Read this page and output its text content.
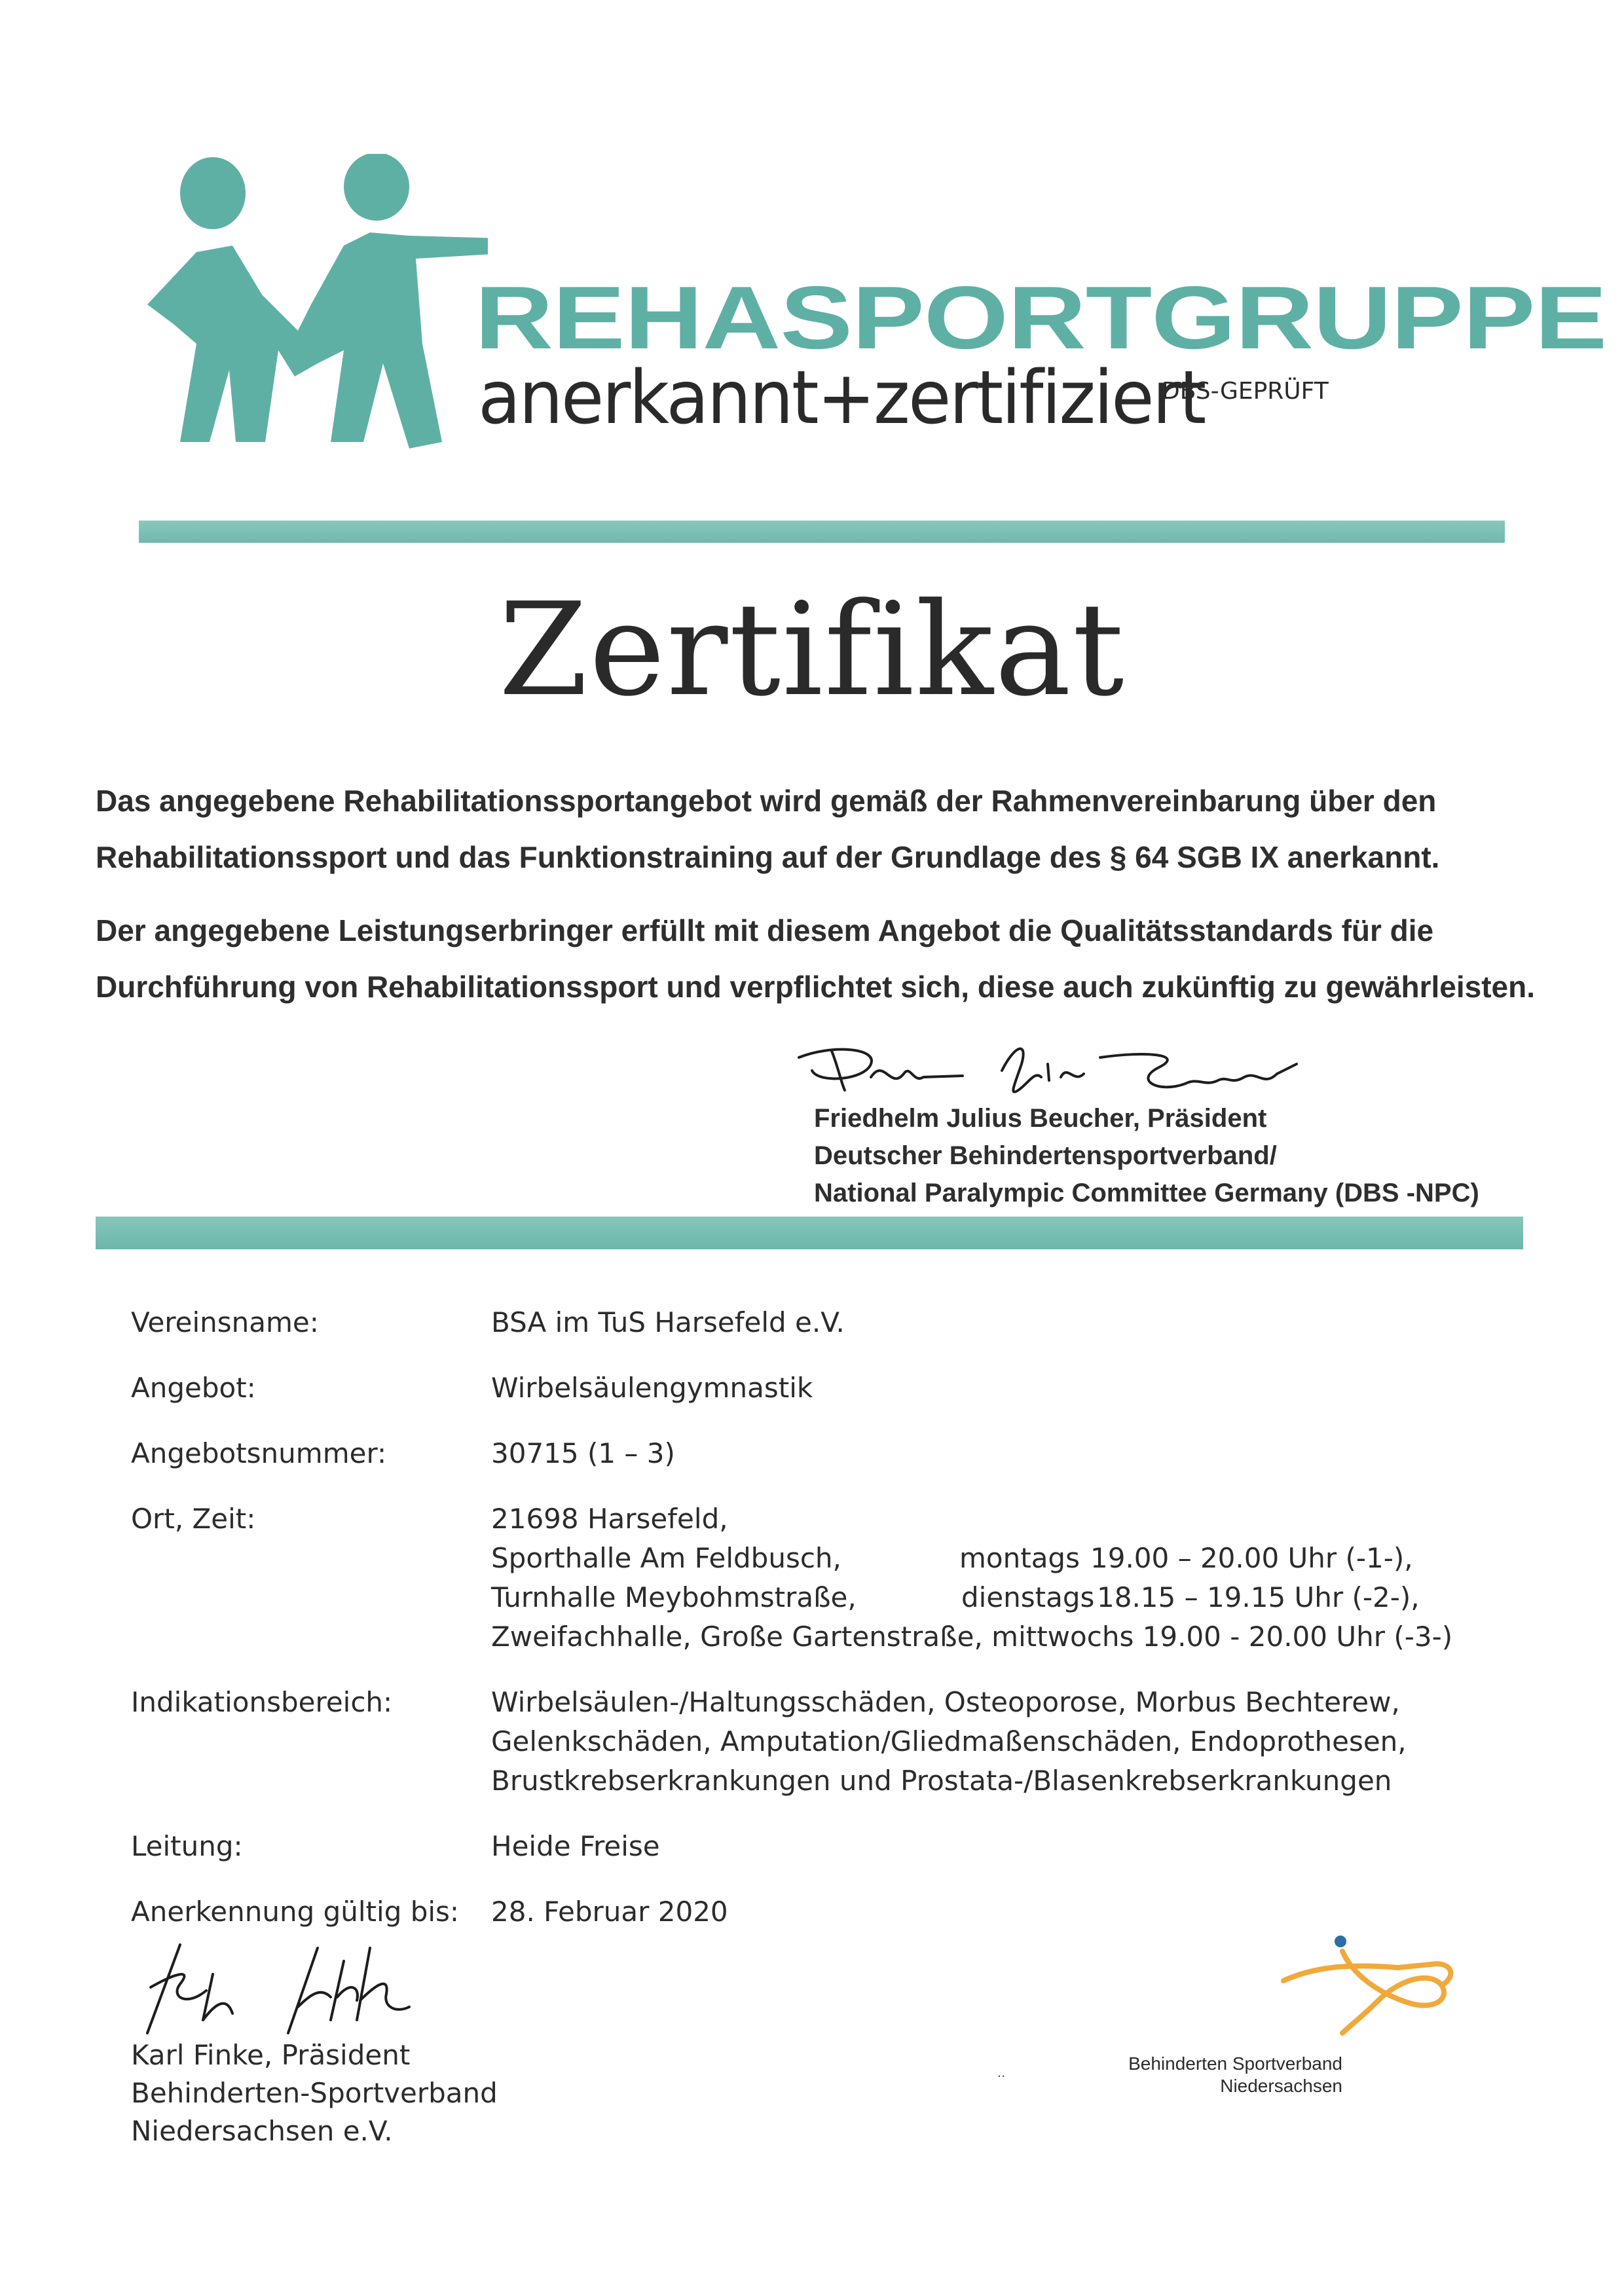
REHASPORTGRUPPE
anerkannt+zertifiziert
DBS-GEPRÜFT
Zertifikat

Das angegebene Rehabilitationssportangebot wird gemäß der Rahmenvereinbarung über den Rehabilitationssport und das Funktionstraining auf der Grundlage des § 64 SGB IX anerkannt.

Der angegebene Leistungserbringer erfüllt mit diesem Angebot die Qualitätsstandards für die Durchführung von Rehabilitationssport und verpflichtet sich, diese auch zukünftig zu gewährleisten.

Friedhelm Julius Beucher, Präsident
Deutscher Behindertensportverband/
National Paralympic Committee Germany (DBS -NPC)
Vereinsname:	BSA im TuS Harsefeld e.V.
Angebot:	Wirbelsäulengymnastik
Angebotsnummer:	30715 (1 – 3)
Ort, Zeit:	21698 Harsefeld,
Sporthalle Am Feldbusch,	montags 19.00 – 20.00 Uhr (-1-),
Turnhalle Meybohmstraße,	dienstags 18.15 – 19.15 Uhr (-2-),
Zweifachhalle, Große Gartenstraße, mittwochs 19.00 - 20.00 Uhr (-3-)
Indikationsbereich:	Wirbelsäulen-/Haltungsschäden, Osteoporose, Morbus Bechterew,
Gelenkschäden, Amputation/Gliedmaßenschäden, Endoprothesen,
Brustkrebserkrankungen und Prostata-/Blasenkrebserkrankungen
Leitung:	Heide Freise
Anerkennung gültig bis: 28. Februar 2020
Karl Finke, Präsident
Behinderten-Sportverband
Niedersachsen e.V.
Behinderten Sportverband
Niedersachsen
..
